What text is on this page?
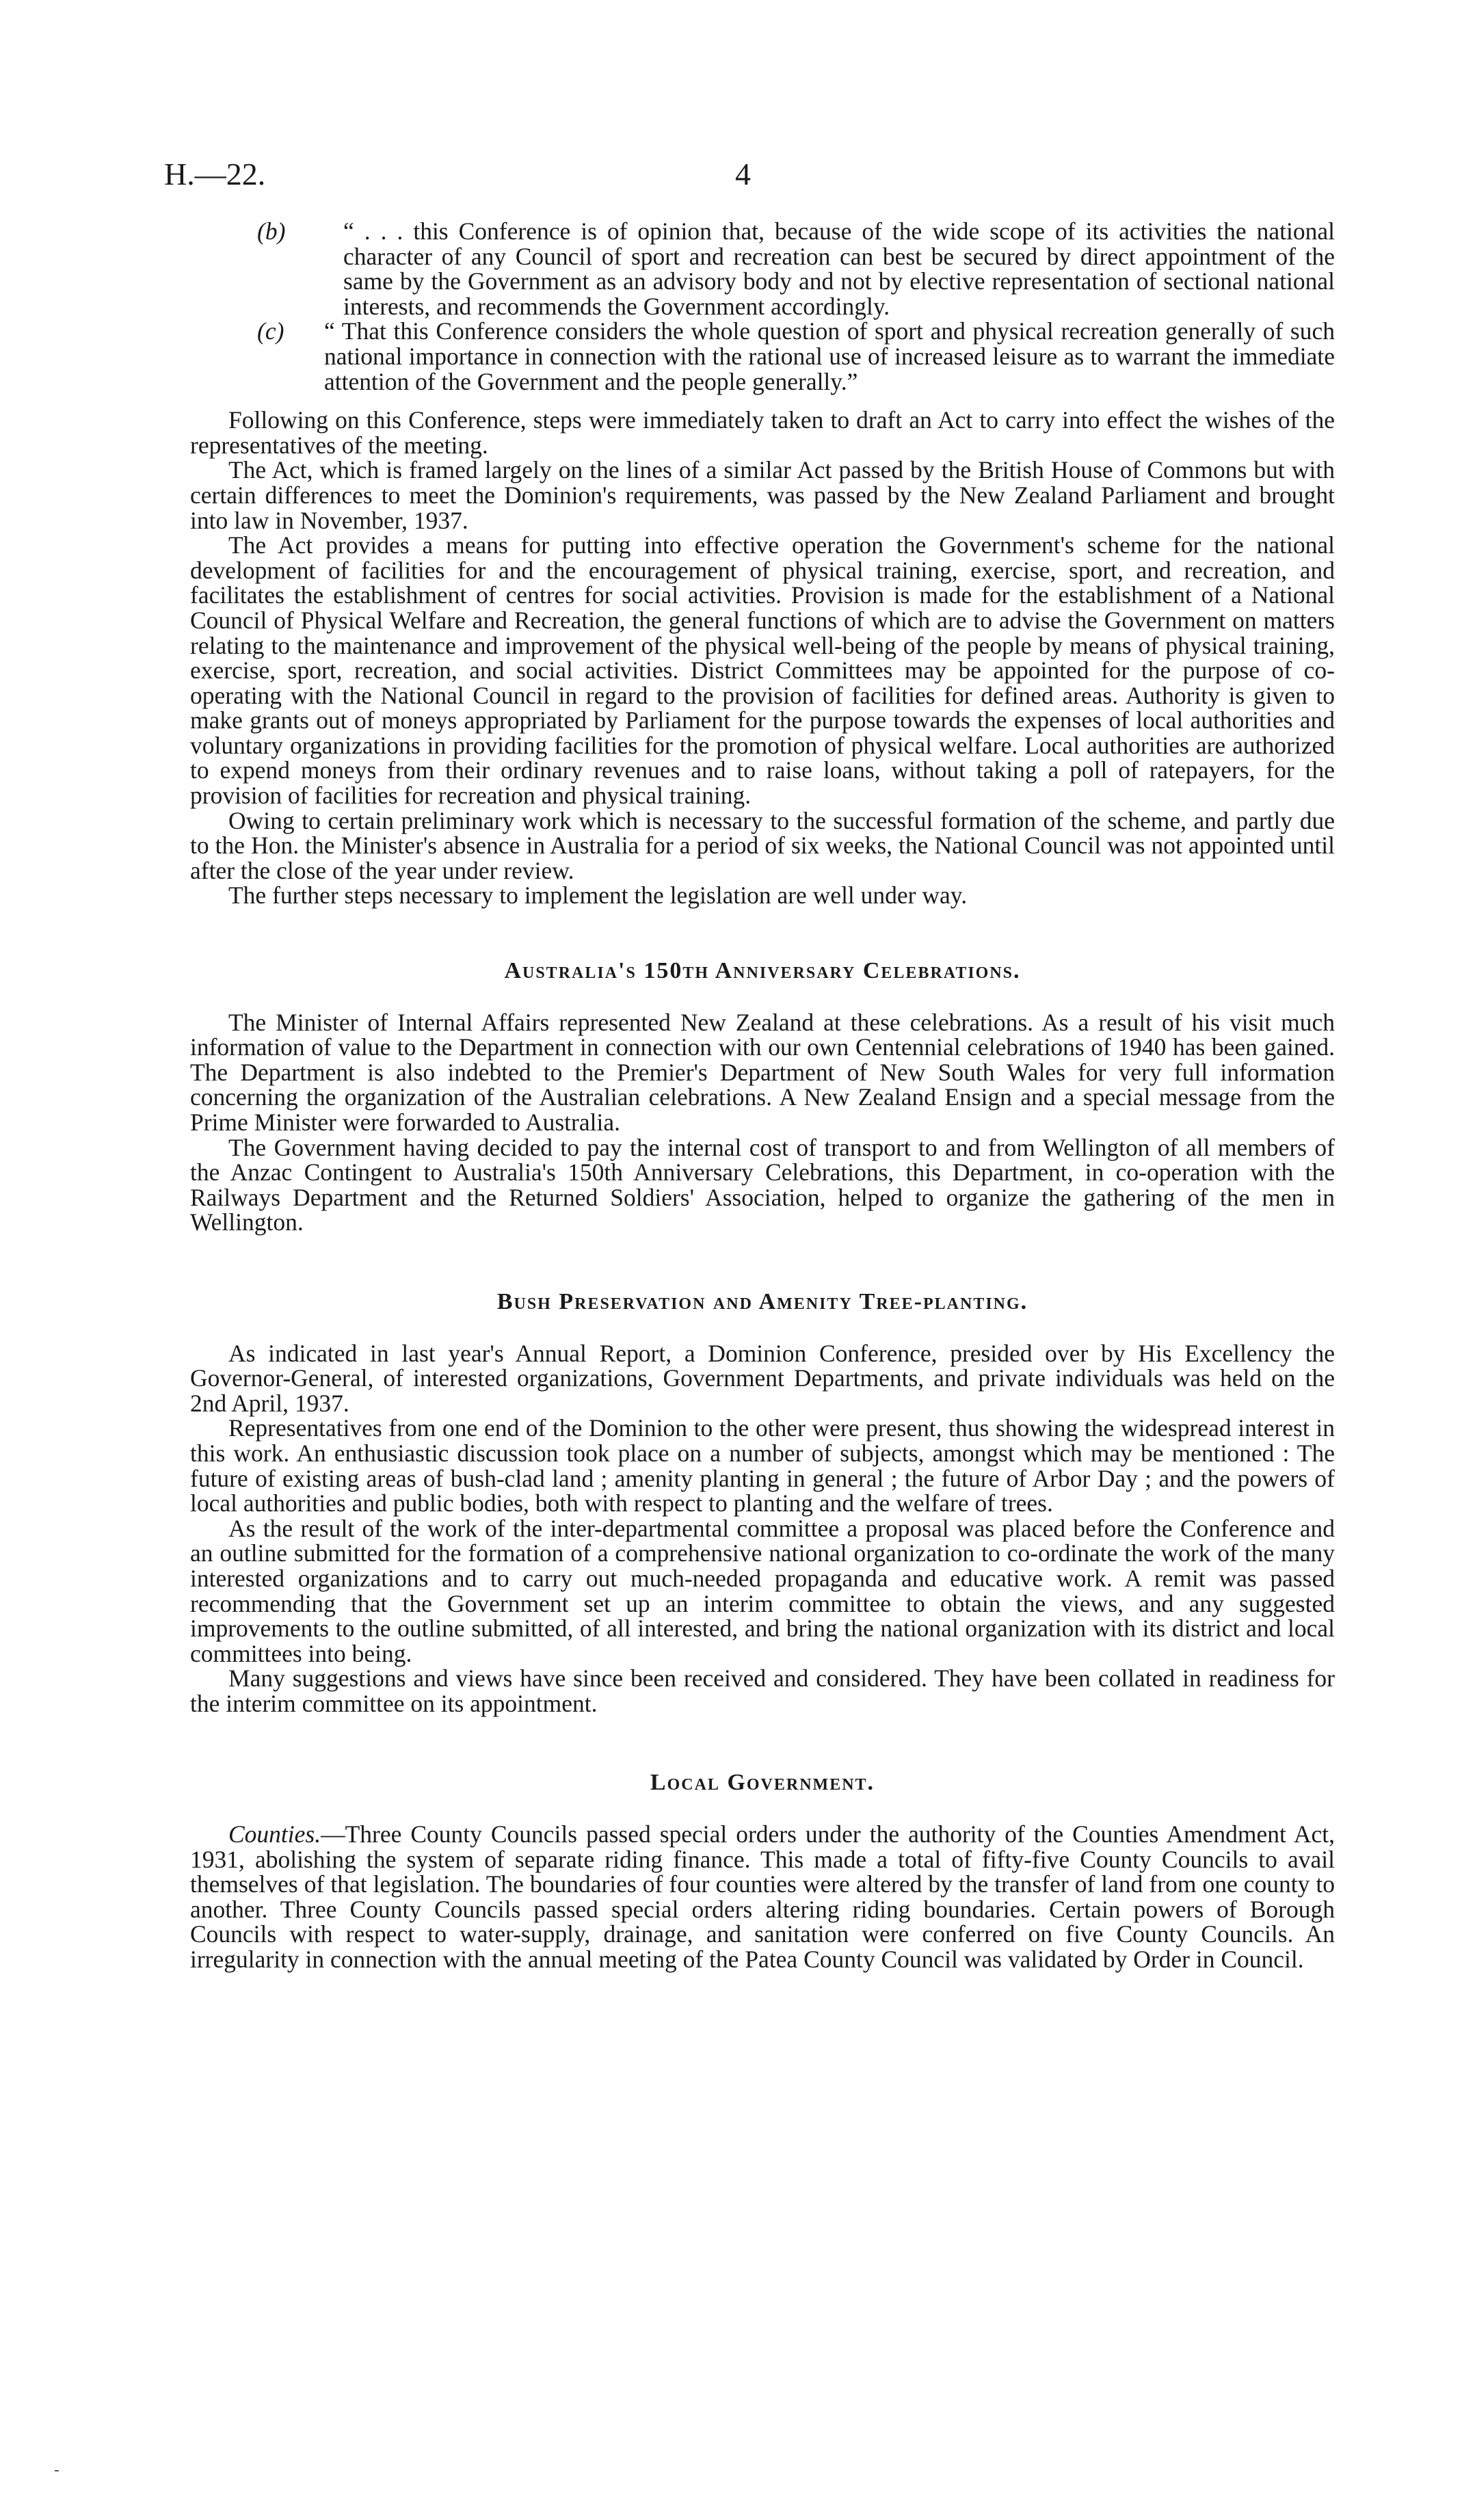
H.—22.	4
(b)	“ . . . this Conference is of opinion that, because of the wide scope of its activities the national character of any Council of sport and recreation can best be secured by direct appointment of the same by the Government as an advisory body and not by elective representation of sectional national interests, and recommends the Government accordingly.
(c)	“ That this Conference considers the whole question of sport and physical recreation generally of such national importance in connection with the rational use of increased leisure as to warrant the immediate attention of the Government and the people generally.”

Following on this Conference, steps were immediately taken to draft an Act to carry into effect the wishes of the representatives of the meeting.

The Act, which is framed largely on the lines of a similar Act passed by the British House of Commons but with certain differences to meet the Dominion's requirements, was passed by the New Zealand Parliament and brought into law in November, 1937.

The Act provides a means for putting into effective operation the Government's scheme for the national development of facilities for and the encouragement of physical training, exercise, sport, and recreation, and facilitates the establishment of centres for social activities. Provision is made for the establishment of a National Council of Physical Welfare and Recreation, the general functions of which are to advise the Government on matters relating to the maintenance and improvement of the physical well-being of the people by means of physical training, exercise, sport, recreation, and social activities. District Committees may be appointed for the purpose of co-operating with the National Council in regard to the provision of facilities for defined areas. Authority is given to make grants out of moneys appropriated by Parliament for the purpose towards the expenses of local authorities and voluntary organizations in providing facilities for the promotion of physical welfare. Local authorities are authorized to expend moneys from their ordinary revenues and to raise loans, without taking a poll of ratepayers, for the provision of facilities for recreation and physical training.

Owing to certain preliminary work which is necessary to the successful formation of the scheme, and partly due to the Hon. the Minister's absence in Australia for a period of six weeks, the National Council was not appointed until after the close of the year under review.

The further steps necessary to implement the legislation are well under way.

Australia's 150th Anniversary Celebrations.

The Minister of Internal Affairs represented New Zealand at these celebrations. As a result of his visit much information of value to the Department in connection with our own Centennial celebrations of 1940 has been gained. The Department is also indebted to the Premier's Department of New South Wales for very full information concerning the organization of the Australian celebrations. A New Zealand Ensign and a special message from the Prime Minister were forwarded to Australia.

The Government having decided to pay the internal cost of transport to and from Wellington of all members of the Anzac Contingent to Australia's 150th Anniversary Celebrations, this Department, in co-operation with the Railways Department and the Returned Soldiers' Association, helped to organize the gathering of the men in Wellington.

Bush Preservation and Amenity Tree-planting.

As indicated in last year's Annual Report, a Dominion Conference, presided over by His Excellency the Governor-General, of interested organizations, Government Departments, and private individuals was held on the 2nd April, 1937.

Representatives from one end of the Dominion to the other were present, thus showing the widespread interest in this work. An enthusiastic discussion took place on a number of subjects, amongst which may be mentioned : The future of existing areas of bush-clad land ; amenity planting in general ; the future of Arbor Day ; and the powers of local authorities and public bodies, both with respect to planting and the welfare of trees.

As the result of the work of the inter-departmental committee a proposal was placed before the Conference and an outline submitted for the formation of a comprehensive national organization to co-ordinate the work of the many interested organizations and to carry out much-needed propaganda and educative work. A remit was passed recommending that the Government set up an interim committee to obtain the views, and any suggested improvements to the outline submitted, of all interested, and bring the national organization with its district and local committees into being.

Many suggestions and views have since been received and considered. They have been collated in readiness for the interim committee on its appointment.

Local Government.

Counties.—Three County Councils passed special orders under the authority of the Counties Amendment Act, 1931, abolishing the system of separate riding finance. This made a total of fifty-five County Councils to avail themselves of that legislation. The boundaries of four counties were altered by the transfer of land from one county to another. Three County Councils passed special orders altering riding boundaries. Certain powers of Borough Councils with respect to water-supply, drainage, and sanitation were conferred on five County Councils. An irregularity in connection with the annual meeting of the Patea County Council was validated by Order in Council.
